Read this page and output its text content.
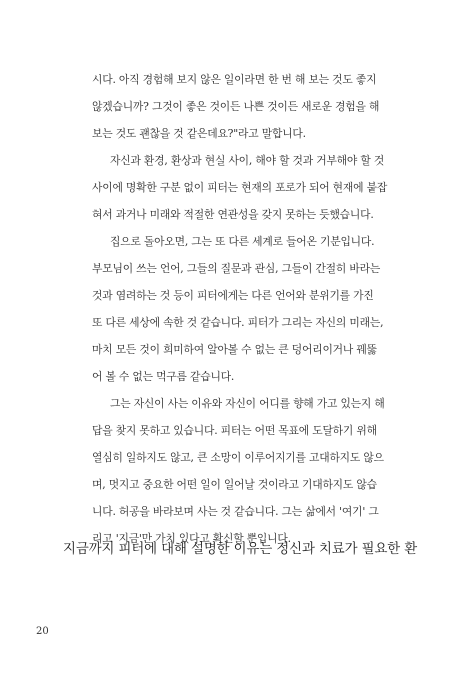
시다. 아직 경험해 보지 않은 일이라면 한 번 해 보는 것도 좋지
않겠습니까? 그것이 좋은 것이든 나쁜 것이든 새로운 경험을 해
보는 것도 괜찮을 것 같은데요?"라고 말합니다.
자신과 환경, 환상과 현실 사이, 해야 할 것과 거부해야 할 것
사이에 명확한 구분 없이 피터는 현재의 포로가 되어 현재에 붙잡
혀서 과거나 미래와 적절한 연관성을 갖지 못하는 듯했습니다.
집으로 돌아오면, 그는 또 다른 세계로 들어온 기분입니다.
부모님이 쓰는 언어, 그들의 질문과 관심, 그들이 간절히 바라는
것과 염려하는 것 등이 피터에게는 다른 언어와 분위기를 가진
또 다른 세상에 속한 것 같습니다. 피터가 그리는 자신의 미래는,
마치 모든 것이 희미하여 알아볼 수 없는 큰 덩어리이거나 꿰뚫
어 볼 수 없는 먹구름 같습니다.
그는 자신이 사는 이유와 자신이 어디를 향해 가고 있는지 해
답을 찾지 못하고 있습니다. 피터는 어떤 목표에 도달하기 위해
열심히 일하지도 않고, 큰 소망이 이루어지기를 고대하지도 않으
며, 멋지고 중요한 어떤 일이 일어날 것이라고 기대하지도 않습
니다. 허공을 바라보며 사는 것 같습니다. 그는 삶에서 '여기' 그
리고 '지금'만 가치 있다고 확신할 뿐입니다.
지금까지 피터에 대해 설명한 이유는 정신과 치료가 필요한 환
20
